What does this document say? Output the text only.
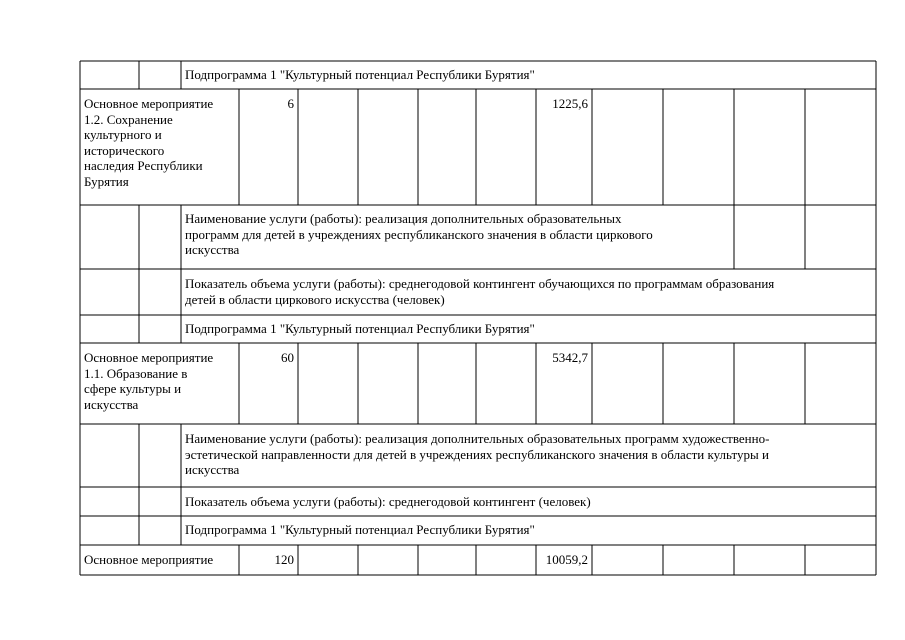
Подпрограмма 1 "Культурный потенциал Республики Бурятия"
Основное мероприятие
1.2. Сохранение
культурного и
исторического
наследия Республики
Бурятия
6	1225,6
Наименование услуги (работы): реализация дополнительных образовательных
программ для детей в учреждениях республиканского значения в области циркового
искусства
Показатель объема услуги (работы): среднегодовой контингент обучающихся по программам образования
детей в области циркового искусства (человек)
Подпрограмма 1 "Культурный потенциал Республики Бурятия"
Основное мероприятие
1.1. Образование в
сфере культуры и
искусства
60	5342,7
Наименование услуги (работы): реализация дополнительных образовательных программ художественно-
эстетической направленности для детей в учреждениях республиканского значения в области культуры и
искусства
Показатель объема услуги (работы): среднегодовой контингент (человек)
Подпрограмма 1 "Культурный потенциал Республики Бурятия"
Основное мероприятие	120	10059,2
